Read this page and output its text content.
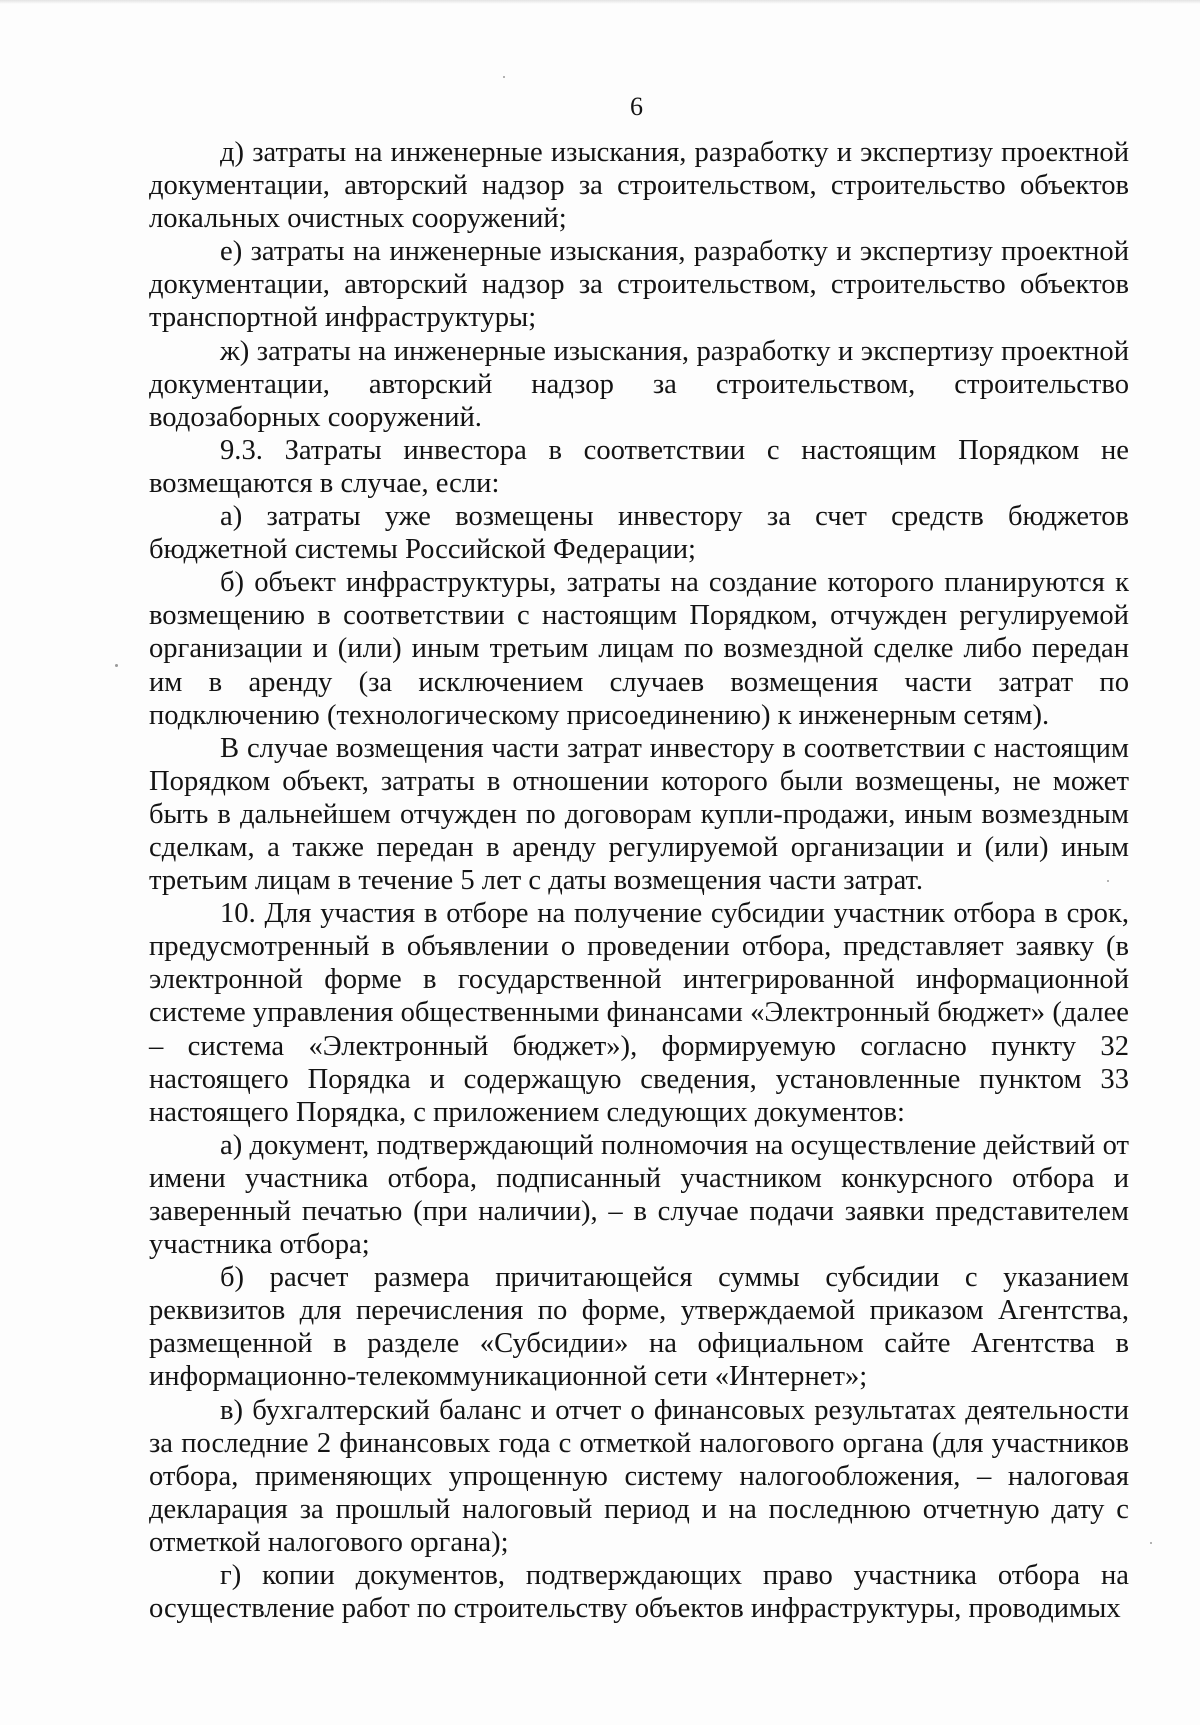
6

д) затраты на инженерные изыскания, разработку и экспертизу проектной документации, авторский надзор за строительством, строительство объектов локальных очистных сооружений;

е) затраты на инженерные изыскания, разработку и экспертизу проектной документации, авторский надзор за строительством, строительство объектов транспортной инфраструктуры;

ж) затраты на инженерные изыскания, разработку и экспертизу проектной документации, авторский надзор за строительством, строительство водозаборных сооружений.

9.3. Затраты инвестора в соответствии с настоящим Порядком не возмещаются в случае, если:

а) затраты уже возмещены инвестору за счет средств бюджетов бюджетной системы Российской Федерации;

б) объект инфраструктуры, затраты на создание которого планируются к возмещению в соответствии с настоящим Порядком, отчужден регулируемой организации и (или) иным третьим лицам по возмездной сделке либо передан им в аренду (за исключением случаев возмещения части затрат по подключению (технологическому присоединению) к инженерным сетям).

В случае возмещения части затрат инвестору в соответствии с настоящим Порядком объект, затраты в отношении которого были возмещены, не может быть в дальнейшем отчужден по договорам купли-продажи, иным возмездным сделкам, а также передан в аренду регулируемой организации и (или) иным третьим лицам в течение 5 лет с даты возмещения части затрат.

10. Для участия в отборе на получение субсидии участник отбора в срок, предусмотренный в объявлении о проведении отбора, представляет заявку (в электронной форме в государственной интегрированной информационной системе управления общественными финансами «Электронный бюджет» (далее – система «Электронный бюджет»), формируемую согласно пункту 32 настоящего Порядка и содержащую сведения, установленные пунктом 33 настоящего Порядка, с приложением следующих документов:

а) документ, подтверждающий полномочия на осуществление действий от имени участника отбора, подписанный участником конкурсного отбора и заверенный печатью (при наличии), – в случае подачи заявки представителем участника отбора;

б) расчет размера причитающейся суммы субсидии с указанием реквизитов для перечисления по форме, утверждаемой приказом Агентства, размещенной в разделе «Субсидии» на официальном сайте Агентства в информационно-телекоммуникационной сети «Интернет»;

в) бухгалтерский баланс и отчет о финансовых результатах деятельности за последние 2 финансовых года с отметкой налогового органа (для участников отбора, применяющих упрощенную систему налогообложения, – налоговая декларация за прошлый налоговый период и на последнюю отчетную дату с отметкой налогового органа);

г) копии документов, подтверждающих право участника отбора на осуществление работ по строительству объектов инфраструктуры, проводимых
